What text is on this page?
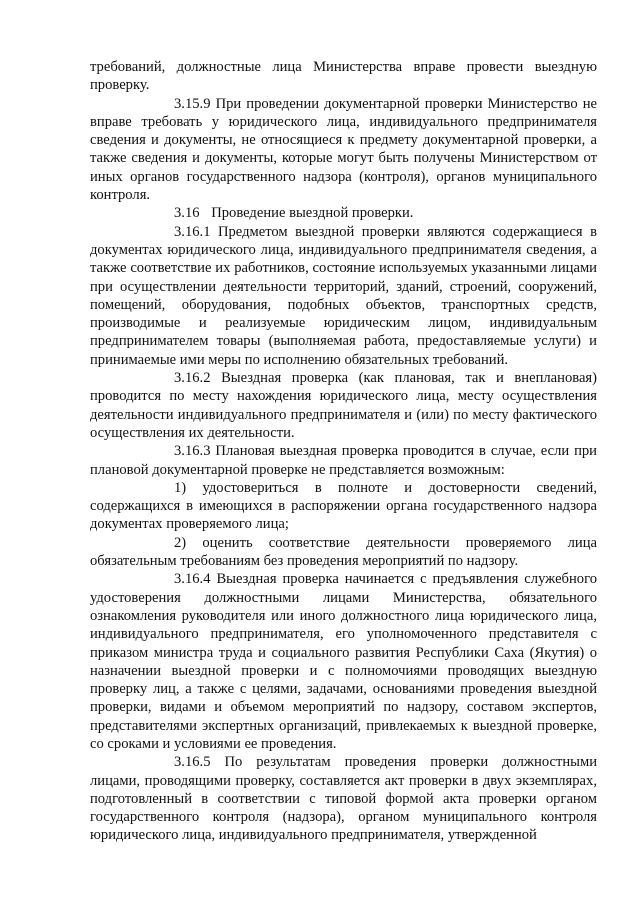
требований, должностные лица Министерства вправе провести выездную проверку.

3.15.9 При проведении документарной проверки Министерство не вправе требовать у юридического лица, индивидуального предпринимателя сведения и документы, не относящиеся к предмету документарной проверки, а также сведения и документы, которые могут быть получены Министерством от иных органов государственного надзора (контроля), органов муниципального контроля.

3.16 Проведение выездной проверки.

3.16.1 Предметом выездной проверки являются содержащиеся в документах юридического лица, индивидуального предпринимателя сведения, а также соответствие их работников, состояние используемых указанными лицами при осуществлении деятельности территорий, зданий, строений, сооружений, помещений, оборудования, подобных объектов, транспортных средств, производимые и реализуемые юридическим лицом, индивидуальным предпринимателем товары (выполняемая работа, предоставляемые услуги) и принимаемые ими меры по исполнению обязательных требований.

3.16.2 Выездная проверка (как плановая, так и внеплановая) проводится по месту нахождения юридического лица, месту осуществления деятельности индивидуального предпринимателя и (или) по месту фактического осуществления их деятельности.

3.16.3 Плановая выездная проверка проводится в случае, если при плановой документарной проверке не представляется возможным:

1) удостовериться в полноте и достоверности сведений, содержащихся в имеющихся в распоряжении органа государственного надзора документах проверяемого лица;

2) оценить соответствие деятельности проверяемого лица обязательным требованиям без проведения мероприятий по надзору.

3.16.4 Выездная проверка начинается с предъявления служебного удостоверения должностными лицами Министерства, обязательного ознакомления руководителя или иного должностного лица юридического лица, индивидуального предпринимателя, его уполномоченного представителя с приказом министра труда и социального развития Республики Саха (Якутия) о назначении выездной проверки и с полномочиями проводящих выездную проверку лиц, а также с целями, задачами, основаниями проведения выездной проверки, видами и объемом мероприятий по надзору, составом экспертов, представителями экспертных организаций, привлекаемых к выездной проверке, со сроками и условиями ее проведения.

3.16.5 По результатам проведения проверки должностными лицами, проводящими проверку, составляется акт проверки в двух экземплярах, подготовленный в соответствии с типовой формой акта проверки органом государственного контроля (надзора), органом муниципального контроля юридического лица, индивидуального предпринимателя, утвержденной
